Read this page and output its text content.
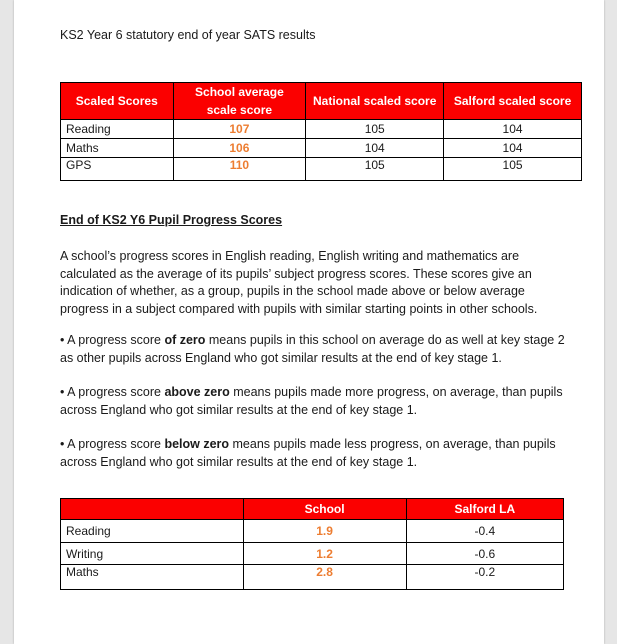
KS2 Year 6 statutory end of year SATS results
Scaled Scores	School average scale score	National scaled score	Salford scaled score
Reading	107	105	104
Maths	106	104	104
GPS	110	105	105
End of KS2 Y6 Pupil Progress Scores
A school’s progress scores in English reading, English writing and mathematics are calculated as the average of its pupils’ subject progress scores. These scores give an indication of whether, as a group, pupils in the school made above or below average progress in a subject compared with pupils with similar starting points in other schools.
• A progress score of zero means pupils in this school on average do as well at key stage 2 as other pupils across England who got similar results at the end of key stage 1.
• A progress score above zero means pupils made more progress, on average, than pupils across England who got similar results at the end of key stage 1.
• A progress score below zero means pupils made less progress, on average, than pupils across England who got similar results at the end of key stage 1.
	School	Salford LA
Reading	1.9	-0.4
Writing	1.2	-0.6
Maths	2.8	-0.2
